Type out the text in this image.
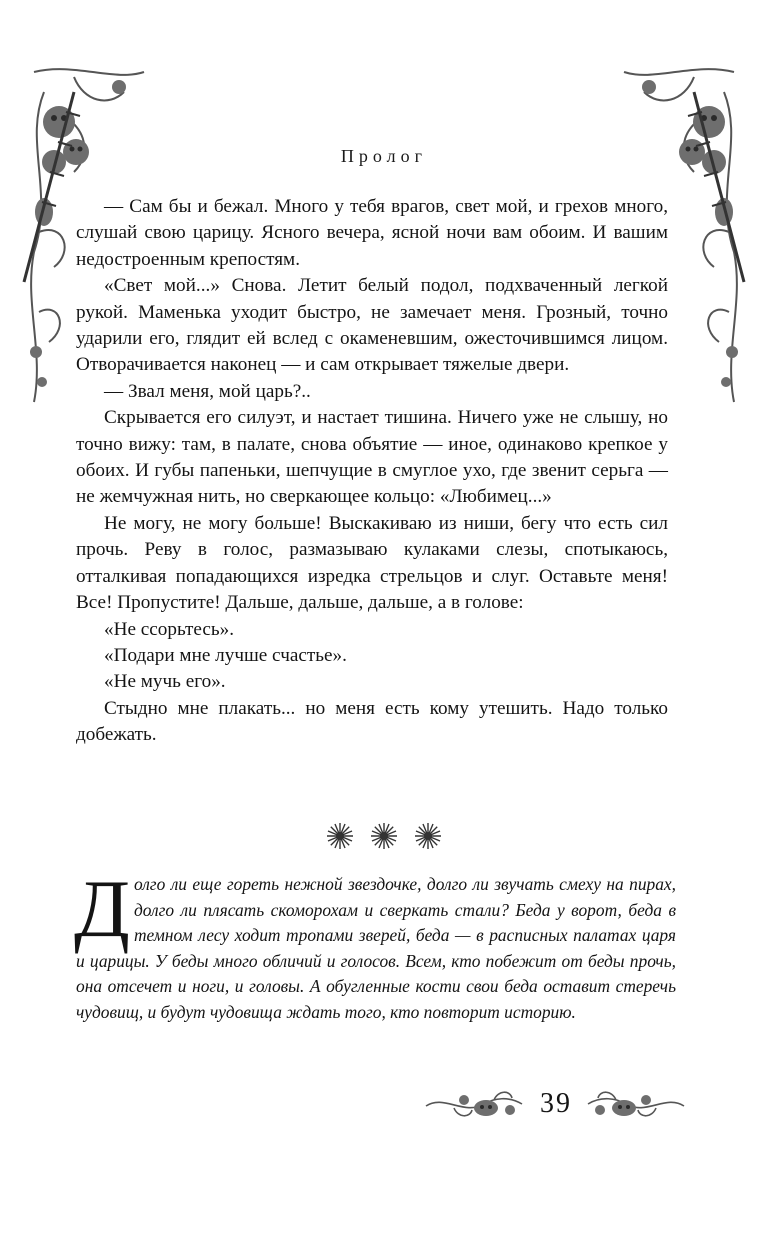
Пролог

— Сам бы и бежал. Много у тебя врагов, свет мой, и грехов много, слушай свою царицу. Ясного вечера, ясной ночи вам обоим. И вашим недостроенным крепостям.

«Свет мой...» Снова. Летит белый подол, подхваченный легкой рукой. Маменька уходит быстро, не замечает меня. Грозный, точно ударили его, глядит ей вслед с окаменевшим, ожесточившимся лицом. Отворачивается наконец — и сам открывает тяжелые двери.

— Звал меня, мой царь?..

Скрывается его силуэт, и настает тишина. Ничего уже не слышу, но точно вижу: там, в палате, снова объятие — иное, одинаково крепкое у обоих. И губы папеньки, шепчущие в смуглое ухо, где звенит серьга — не жемчужная нить, но сверкающее кольцо: «Любимец...»

Не могу, не могу больше! Выскакиваю из ниши, бегу что есть сил прочь. Реву в голос, размазываю кулаками слезы, спотыкаюсь, отталкивая попадающихся изредка стрельцов и слуг. Оставьте меня! Все! Пропустите! Дальше, дальше, дальше, а в голове:

«Не ссорьтесь».

«Подари мне лучше счастье».

«Не мучь его».

Стыдно мне плакать... но меня есть кому утешить. Надо только добежать.

Долго ли еще гореть нежной звездочке, долго ли звучать смеху на пирах, долго ли плясать скоморохам и сверкать стали? Беда у ворот, беда в темном лесу ходит тропами зверей, беда — в расписных палатах царя и царицы. У беды много обличий и голосов. Всем, кто побежит от беды прочь, она отсечет и ноги, и головы. А обугленные кости свои беда оставит стеречь чудовищ, и будут чудовища ждать того, кто повторит историю.
39
